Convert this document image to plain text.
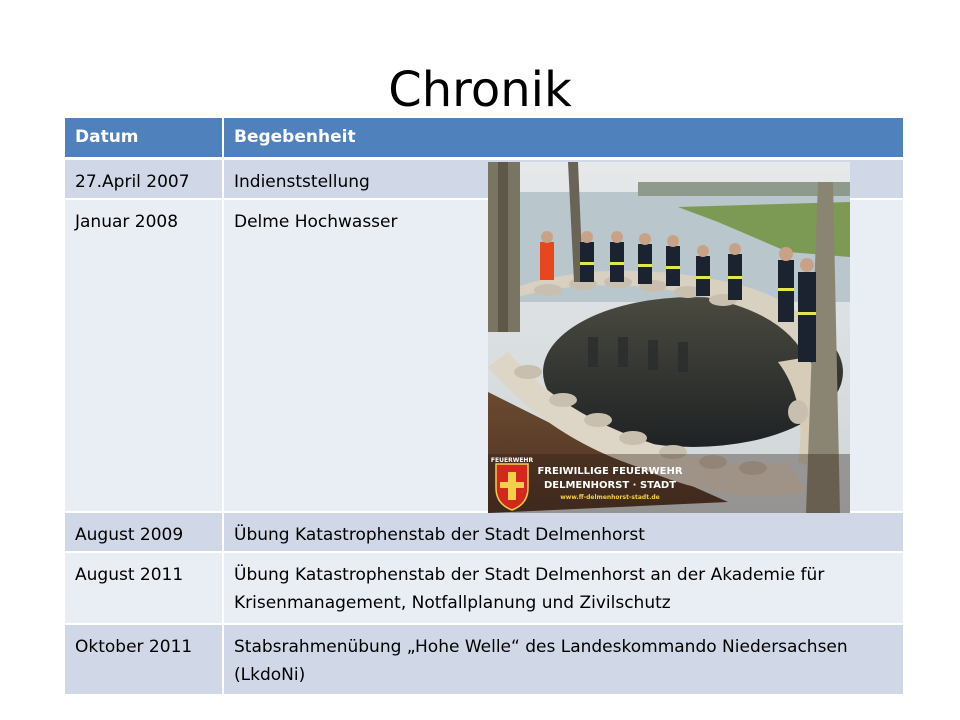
Chronik
Datum	Begebenheit
27.April 2007	Indienststellung
Januar 2008	Delme Hochwasser
August 2009	Übung Katastrophenstab der Stadt Delmenhorst
August 2011	Übung Katastrophenstab der Stadt Delmenhorst an der Akademie für Krisenmanagement, Notfallplanung und Zivilschutz
Oktober 2011	Stabsrahmenübung „Hohe Welle“ des Landeskommando Niedersachsen (LkdoNi)
FEUERWEHR
FREIWILLIGE FEUERWEHR
DELMENHORST · STADT
www.ff-delmenhorst-stadt.de
